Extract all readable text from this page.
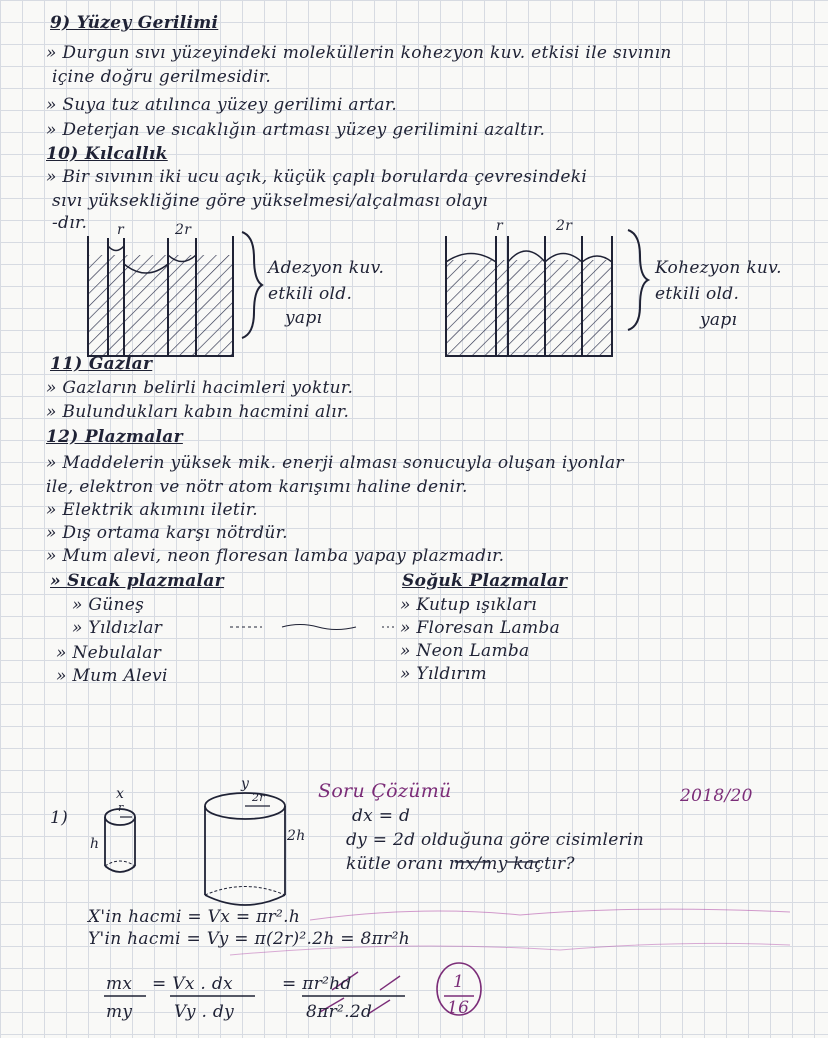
9) Yüzey Gerilimi
» Durgun sıvı yüzeyindeki moleküllerin kohezyon kuv. etkisi ile sıvının
içine doğru gerilmesidir.
» Suya tuz atılınca yüzey gerilimi artar.
» Deterjan ve sıcaklığın artması yüzey gerilimini azaltır.
10) Kılcallık
» Bir sıvının iki ucu açık, küçük çaplı borularda çevresindeki
sıvı yüksekliğine göre yükselmesi/alçalması olayı
-dır. r	2r
Adezyon kuv.
etkili old.
yapı
r	2r
Kohezyon kuv.
etkili old.
yapı
11) Gazlar
» Gazların belirli hacimleri yoktur.
» Bulundukları kabın hacmini alır.
12) Plazmalar
» Maddelerin yüksek mik. enerji alması sonucuyla oluşan iyonlar
ile, elektron ve nötr atom karışımı haline denir.
» Elektrik akımını iletir.
» Dış ortama karşı nötrdür.
» Mum alevi, neon floresan lamba yapay plazmadır.
» Sıcak plazmalar
» Güneş
» Yıldızlar
» Nebulalar
» Mum Alevi
Soğuk Plazmalar
» Kutup ışıkları
» Floresan Lamba
» Neon Lamba
» Yıldırım
Soru Çözümü	2018/20
1)
x
y
r
2r
h	2h
dx = d
dy = 2d olduğuna göre cisimlerin
kütle oranı mx/my kaçtır?
X'in hacmi = Vx = πr².h
Y'in hacmi = Vy = π(2r)².2h = 8πr²h
mx
my
= Vx . dx
Vy . dy
= πr²hd
8πr².2d
1
16
